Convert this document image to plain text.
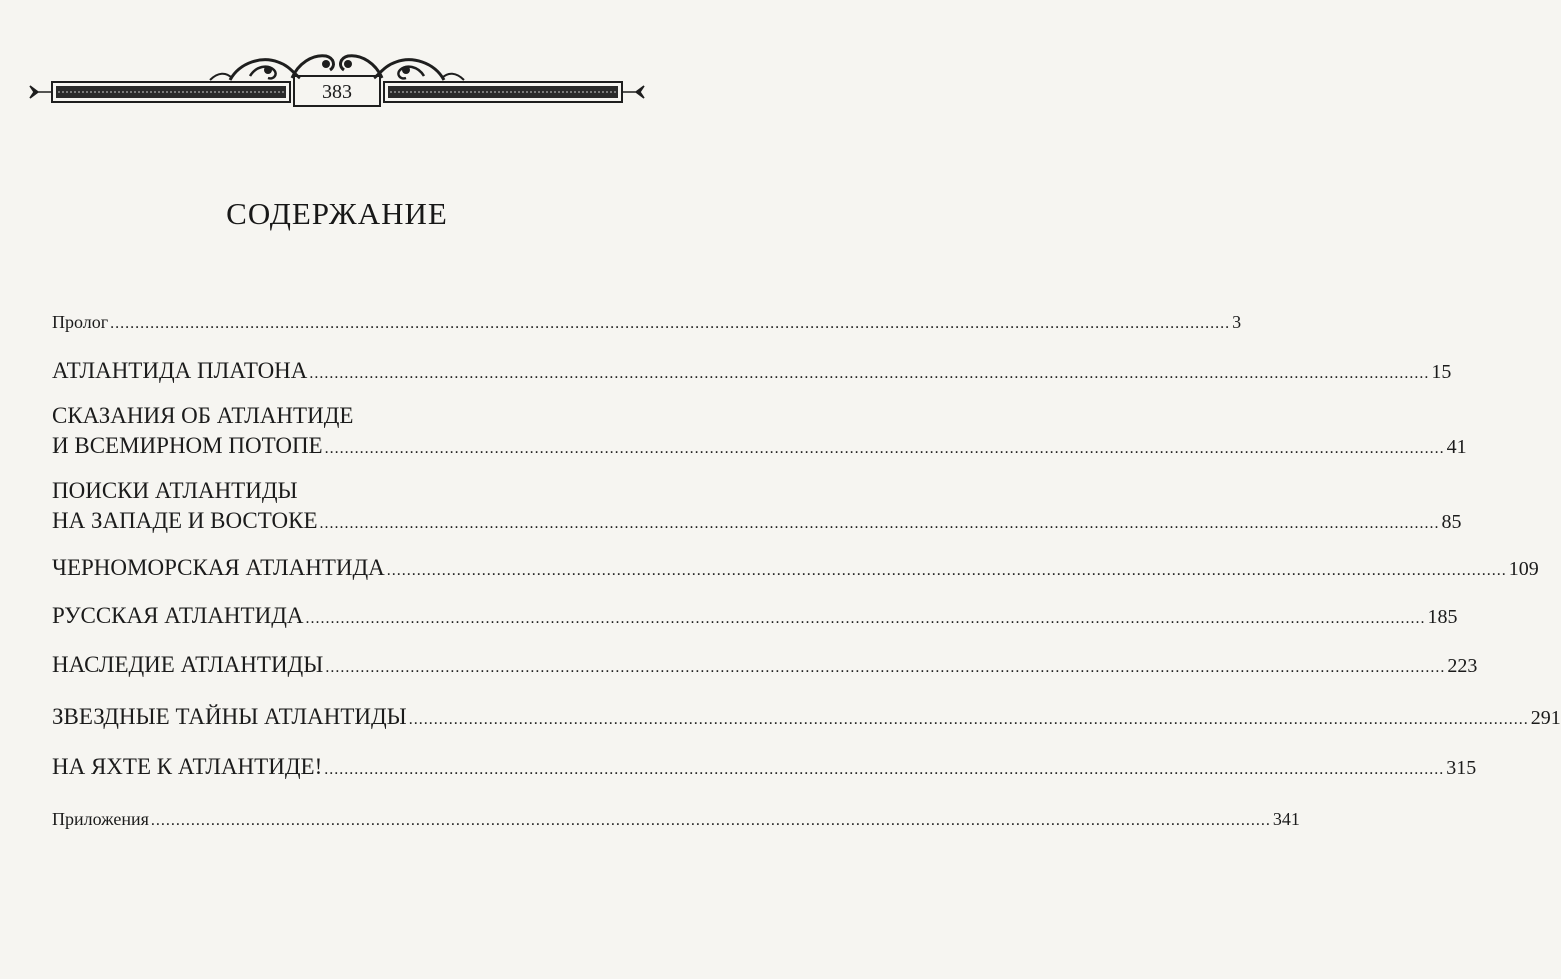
383
СОДЕРЖАНИЕ
Пролог ................................................................................................................................................................................................................................ 3
АТЛАНТИДА ПЛАТОНА ................................................................................................................................................................................................................................ 15
СКАЗАНИЯ ОБ АТЛАНТИДЕ
И ВСЕМИРНОМ ПОТОПЕ ................................................................................................................................................................................................................................ 41
ПОИСКИ АТЛАНТИДЫ
НА ЗАПАДЕ И ВОСТОКЕ ................................................................................................................................................................................................................................ 85
ЧЕРНОМОРСКАЯ АТЛАНТИДА ................................................................................................................................................................................................................................ 109
РУССКАЯ АТЛАНТИДА ................................................................................................................................................................................................................................ 185
НАСЛЕДИЕ АТЛАНТИДЫ ................................................................................................................................................................................................................................ 223
ЗВЕЗДНЫЕ ТАЙНЫ АТЛАНТИДЫ ................................................................................................................................................................................................................................ 291
НА ЯХТЕ К АТЛАНТИДЕ! ................................................................................................................................................................................................................................ 315
Приложения ................................................................................................................................................................................................................................ 341
